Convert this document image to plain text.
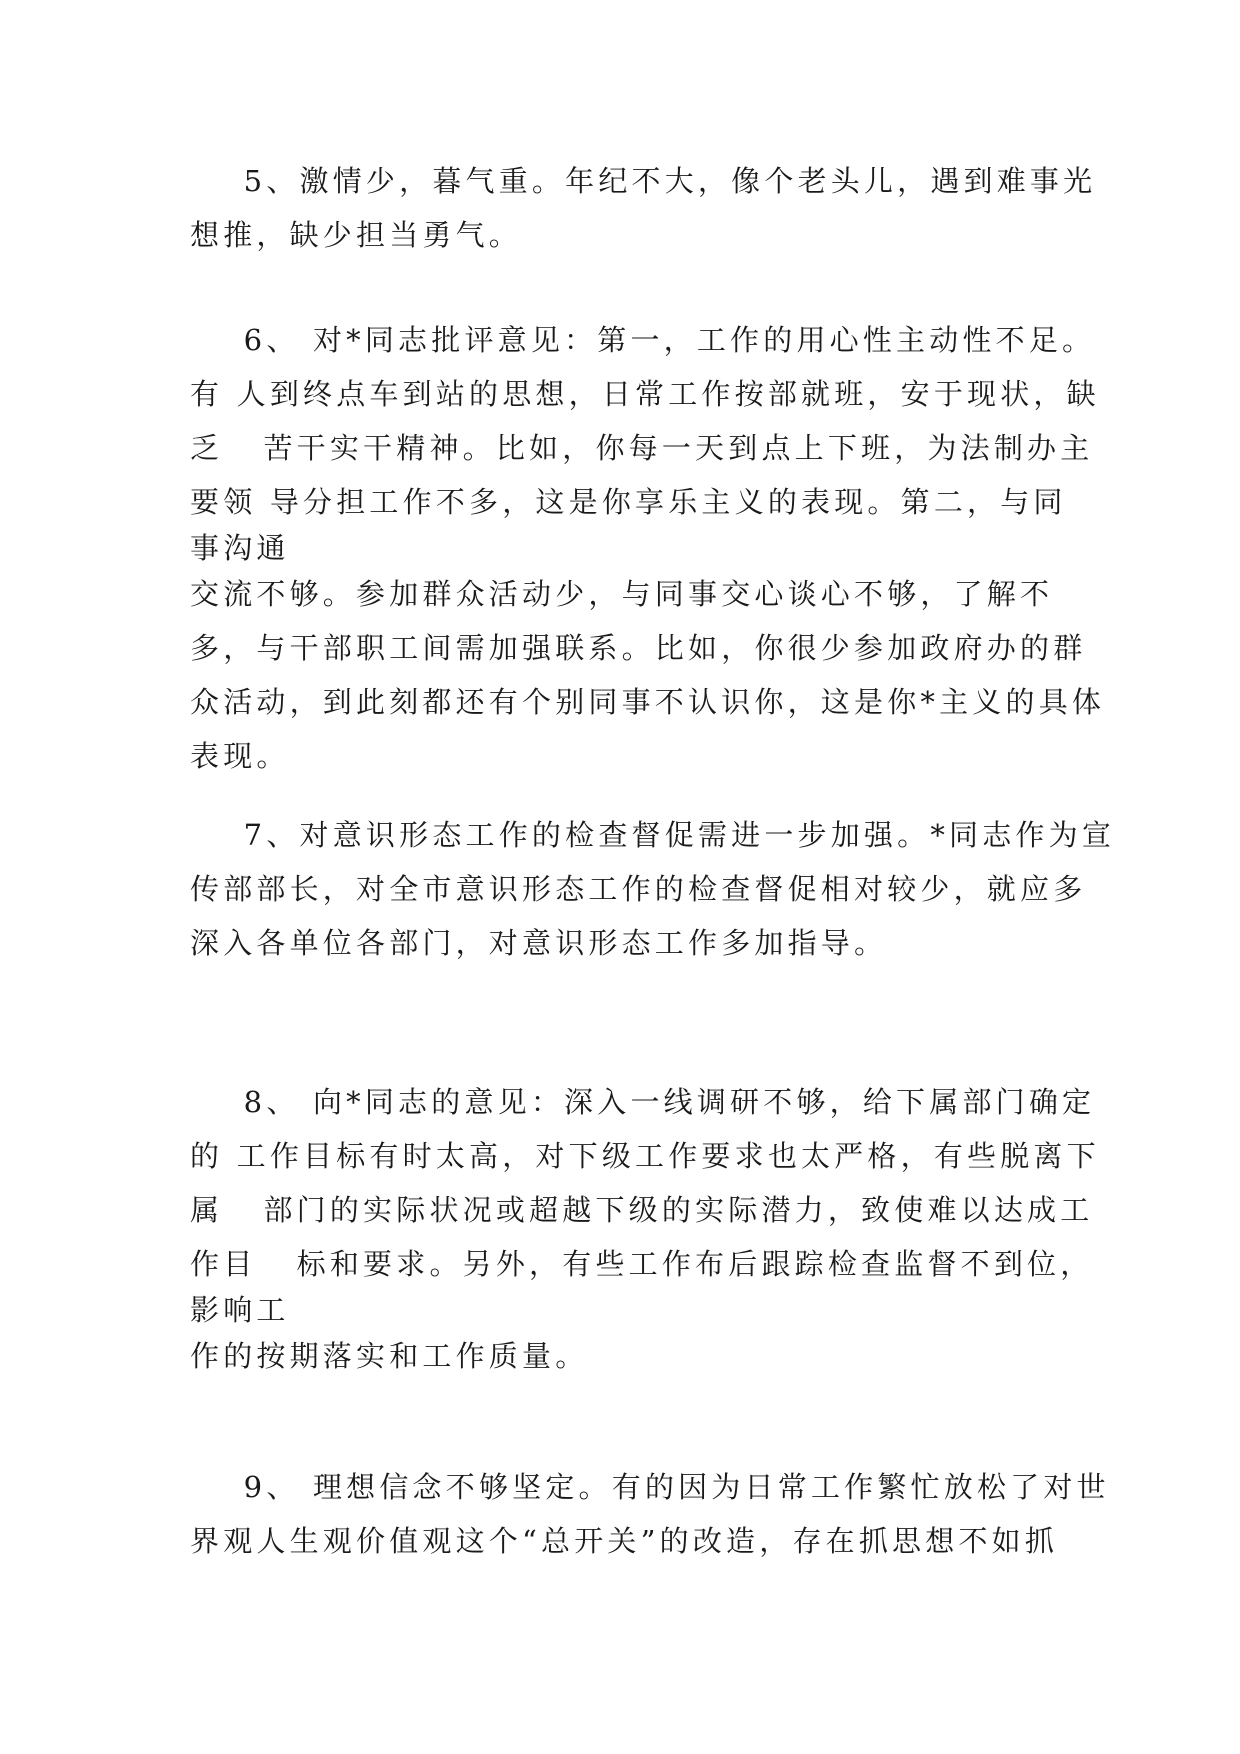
5、激情少，暮气重。年纪不大，像个老头儿，遇到难事光
想推，缺少担当勇气。
6、 对*同志批评意见：第一，工作的用心性主动性不足。
有 人到终点车到站的思想，日常工作按部就班，安于现状，缺
乏   苦干实干精神。比如，你每一天到点上下班，为法制办主
要领 导分担工作不多，这是你享乐主义的表现。第二，与同
事沟通
交流不够。参加群众活动少，与同事交心谈心不够，了解不
多，与干部职工间需加强联系。比如，你很少参加政府办的群
众活动，到此刻都还有个别同事不认识你，这是你*主义的具体
表现。
7、对意识形态工作的检查督促需进一步加强。*同志作为宣
传部部长，对全市意识形态工作的检查督促相对较少，就应多
深入各单位各部门，对意识形态工作多加指导。
8、 向*同志的意见：深入一线调研不够，给下属部门确定
的 工作目标有时太高，对下级工作要求也太严格，有些脱离下
属   部门的实际状况或超越下级的实际潜力，致使难以达成工
作目   标和要求。另外，有些工作布后跟踪检查监督不到位，
影响工
作的按期落实和工作质量。
9、 理想信念不够坚定。有的因为日常工作繁忙放松了对世
界观人生观价值观这个“总开关”的改造，存在抓思想不如抓
